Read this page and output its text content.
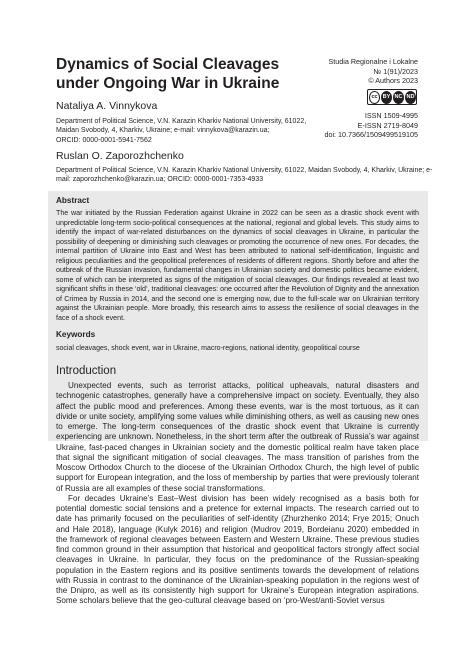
Dynamics of Social Cleavages under Ongoing War in Ukraine
Studia Regionalne i Lokalne
№ 1(91)/2023
© Authors 2023
cc BY NC ND
ISSN 1509-4995
E-ISSN 2719-8049
doi: 10.7366/1509499519105
Nataliya A. Vinnykova
Department of Political Science, V.N. Karazin Kharkiv National University, 61022, Maidan Svobody, 4, Kharkiv, Ukraine; e-mail: vinnykova@karazin.ua;
ORCID: 0000-0001-5941-7562
Ruslan O. Zaporozhchenko
Department of Political Science, V.N. Karazin Kharkiv National University, 61022, Maidan Svobody, 4, Kharkiv, Ukraine; e-mail: zaporozhchenko@karazin.ua; ORCID: 0000-0001-7353-4933
Abstract
The war initiated by the Russian Federation against Ukraine in 2022 can be seen as a drastic shock event with unpredictable long-term socio-political consequences at the national, regional and global levels. This study aims to identify the impact of war-related disturbances on the dynamics of social cleavages in Ukraine, in particular the possibility of deepening or diminishing such cleavages or promoting the occurrence of new ones. For decades, the internal partition of Ukraine into East and West has been attributed to national self-identification, linguistic and religious peculiarities and the geopolitical preferences of residents of different regions. Shortly before and after the outbreak of the Russian invasion, fundamental changes in Ukrainian society and domestic politics became evident, some of which can be interpreted as signs of the mitigation of social cleavages. Our findings revealed at least two significant shifts in these ‘old’, traditional cleavages: one occurred after the Revolution of Dignity and the annexation of Crimea by Russia in 2014, and the second one is emerging now, due to the full-scale war on Ukrainian territory against the Ukrainian people. More broadly, this research aims to assess the resilience of social cleavages in the face of a shock event.
Keywords
social cleavages, shock event, war in Ukraine, macro-regions, national identity, geopolitical course
Introduction

Unexpected events, such as terrorist attacks, political upheavals, natural disasters and technogenic catastrophes, generally have a comprehensive impact on society. Eventually, they also affect the public mood and preferences. Among these events, war is the most tortuous, as it can divide or unite society, amplifying some values while diminishing others, as well as causing new ones to emerge. The long-term consequences of the drastic shock event that Ukraine is currently experiencing are unknown. Nonetheless, in the short term after the outbreak of Russia’s war against Ukraine, fast-paced changes in Ukrainian society and the domestic political realm have taken place that signal the significant mitigation of social cleavages. The mass transition of parishes from the Moscow Orthodox Church to the diocese of the Ukrainian Orthodox Church, the high level of public support for European integration, and the loss of membership by parties that were previously tolerant of Russia are all examples of these social transformations.

For decades Ukraine’s East–West division has been widely recognised as a basis both for potential domestic social tensions and a pretence for external impacts. The research carried out to date has primarily focused on the peculiarities of self-identity (Zhurzhenko 2014; Frye 2015; Onuch and Hale 2018), language (Kulyk 2016) and religion (Mudrov 2019, Bordeianu 2020) embedded in the framework of regional cleavages between Eastern and Western Ukraine. These previous studies find common ground in their assumption that historical and geopolitical factors strongly affect social cleavages in Ukraine. In particular, they focus on the predominance of the Russian-speaking population in the Eastern regions and its positive sentiments towards the development of relations with Russia in contrast to the dominance of the Ukrainian-speaking population in the regions west of the Dnipro, as well as its consistently high support for Ukraine’s European integration aspirations. Some scholars believe that the geo-cultural cleavage based on ‘pro-West/anti-Soviet versus
